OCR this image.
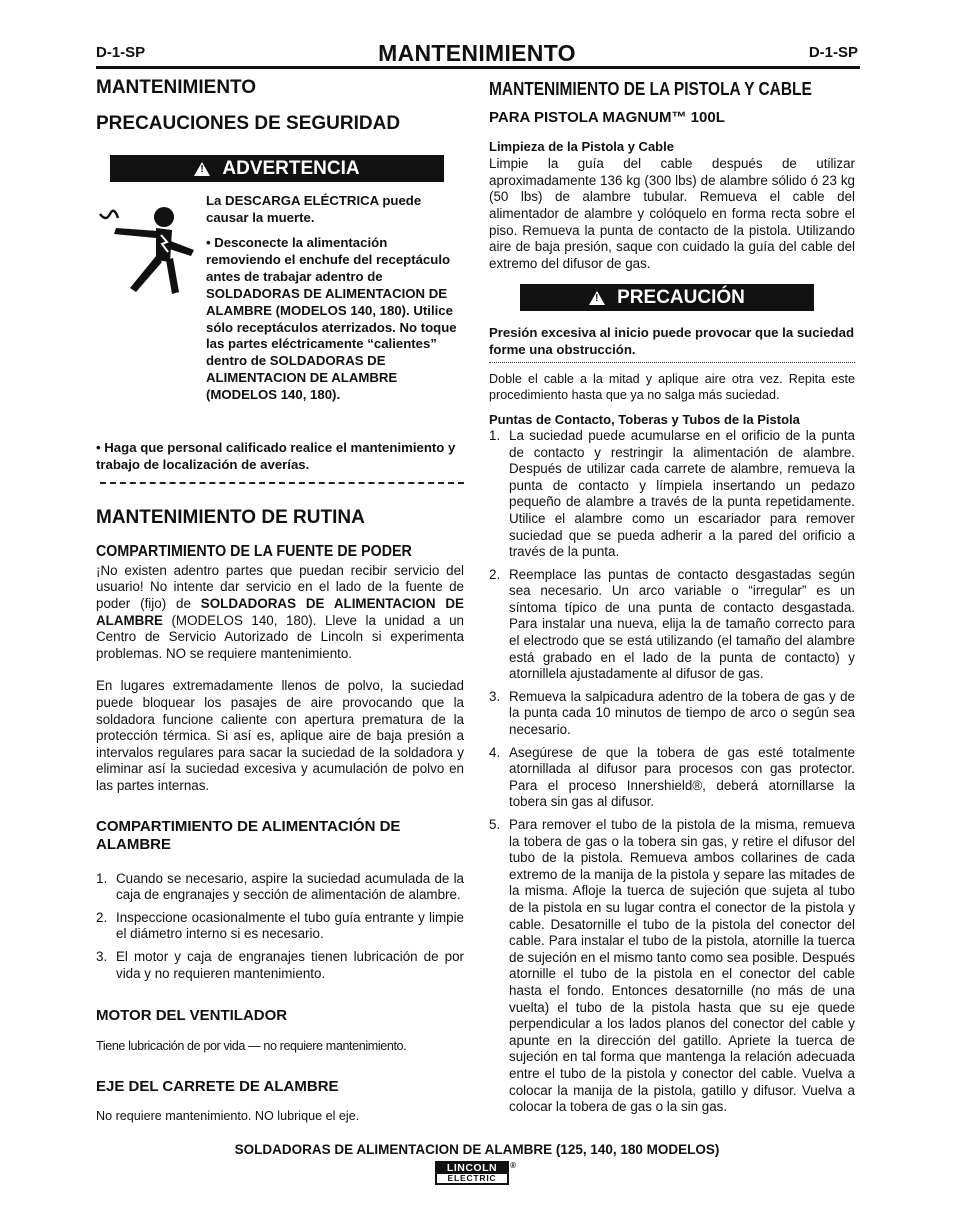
D-1-SP	MANTENIMIENTO	D-1-SP
MANTENIMIENTO
PRECAUCIONES DE SEGURIDAD
! ADVERTENCIA
La DESCARGA ELÉCTRICA puede causar la muerte.
• Desconecte la alimentación removiendo el enchufe del receptáculo antes de trabajar adentro de SOLDADORAS DE ALIMENTACION DE ALAMBRE (MODELOS 140, 180). Utilice sólo receptáculos aterrizados. No toque las partes eléctricamente “calientes” dentro de SOLDADORAS DE ALIMENTACION DE ALAMBRE (MODELOS 140, 180).
• Haga que personal calificado realice el mantenimiento y trabajo de localización de averías.
MANTENIMIENTO DE RUTINA
COMPARTIMIENTO DE LA FUENTE DE PODER

¡No existen adentro partes que puedan recibir servicio del usuario! No intente dar servicio en el lado de la fuente de poder (fijo) de SOLDADORAS DE ALIMENTACION DE ALAMBRE (MODELOS 140, 180). Lleve la unidad a un Centro de Servicio Autorizado de Lincoln si experimenta problemas. NO se requiere mantenimiento.

En lugares extremadamente llenos de polvo, la suciedad puede bloquear los pasajes de aire provocando que la soldadora funcione caliente con apertura prematura de la protección térmica. Si así es, aplique aire de baja presión a intervalos regulares para sacar la suciedad de la soldadora y eliminar así la suciedad excesiva y acumulación de polvo en las partes internas.

COMPARTIMIENTO DE ALIMENTACIÓN DE ALAMBRE
1. Cuando se necesario, aspire la suciedad acumulada de la caja de engranajes y sección de alimentación de alambre.
2. Inspeccione ocasionalmente el tubo guía entrante y limpie el diámetro interno si es necesario.
3. El motor y caja de engranajes tienen lubricación de por vida y no requieren mantenimiento.
MOTOR DEL VENTILADOR

Tiene lubricación de por vida — no requiere mantenimiento.

EJE DEL CARRETE DE ALAMBRE

No requiere mantenimiento. NO lubrique el eje.

MANTENIMIENTO DE LA PISTOLA Y CABLE
PARA PISTOLA MAGNUM™ 100L
Limpieza de la Pistola y Cable

Limpie la guía del cable después de utilizar aproximadamente 136 kg (300 lbs) de alambre sólido ó 23 kg (50 lbs) de alambre tubular. Remueva el cable del alimentador de alambre y colóquelo en forma recta sobre el piso. Remueva la punta de contacto de la pistola. Utilizando aire de baja presión, saque con cuidado la guía del cable del extremo del difusor de gas.

! PRECAUCIÓN
Presión excesiva al inicio puede provocar que la suciedad forme una obstrucción.

Doble el cable a la mitad y aplique aire otra vez. Repita este procedimiento hasta que ya no salga más suciedad.

Puntas de Contacto, Toberas y Tubos de la Pistola
1. La suciedad puede acumularse en el orificio de la punta de contacto y restringir la alimentación de alambre. Después de utilizar cada carrete de alambre, remueva la punta de contacto y límpiela insertando un pedazo pequeño de alambre a través de la punta repetidamente. Utilice el alambre como un escariador para remover suciedad que se pueda adherir a la pared del orificio a través de la punta.
2. Reemplace las puntas de contacto desgastadas según sea necesario. Un arco variable o “irregular” es un síntoma típico de una punta de contacto desgastada. Para instalar una nueva, elija la de tamaño correcto para el electrodo que se está utilizando (el tamaño del alambre está grabado en el lado de la punta de contacto) y atornillela ajustadamente al difusor de gas.
3. Remueva la salpicadura adentro de la tobera de gas y de la punta cada 10 minutos de tiempo de arco o según sea necesario.
4. Asegúrese de que la tobera de gas esté totalmente atornillada al difusor para procesos con gas protector. Para el proceso Innershield®, deberá atornillarse la tobera sin gas al difusor.
5. Para remover el tubo de la pistola de la misma, remueva la tobera de gas o la tobera sin gas, y retire el difusor del tubo de la pistola. Remueva ambos collarines de cada extremo de la manija de la pistola y separe las mitades de la misma. Afloje la tuerca de sujeción que sujeta al tubo de la pistola en su lugar contra el conector de la pistola y cable. Desatornille el tubo de la pistola del conector del cable. Para instalar el tubo de la pistola, atornille la tuerca de sujeción en el mismo tanto como sea posible. Después atornille el tubo de la pistola en el conector del cable hasta el fondo. Entonces desatornille (no más de una vuelta) el tubo de la pistola hasta que su eje quede perpendicular a los lados planos del conector del cable y apunte en la dirección del gatillo. Apriete la tuerca de sujeción en tal forma que mantenga la relación adecuada entre el tubo de la pistola y conector del cable. Vuelva a colocar la manija de la pistola, gatillo y difusor. Vuelva a colocar la tobera de gas o la sin gas.
SOLDADORAS DE ALIMENTACION DE ALAMBRE (125, 140, 180 MODELOS)
LINCOLN
ELECTRIC
®
